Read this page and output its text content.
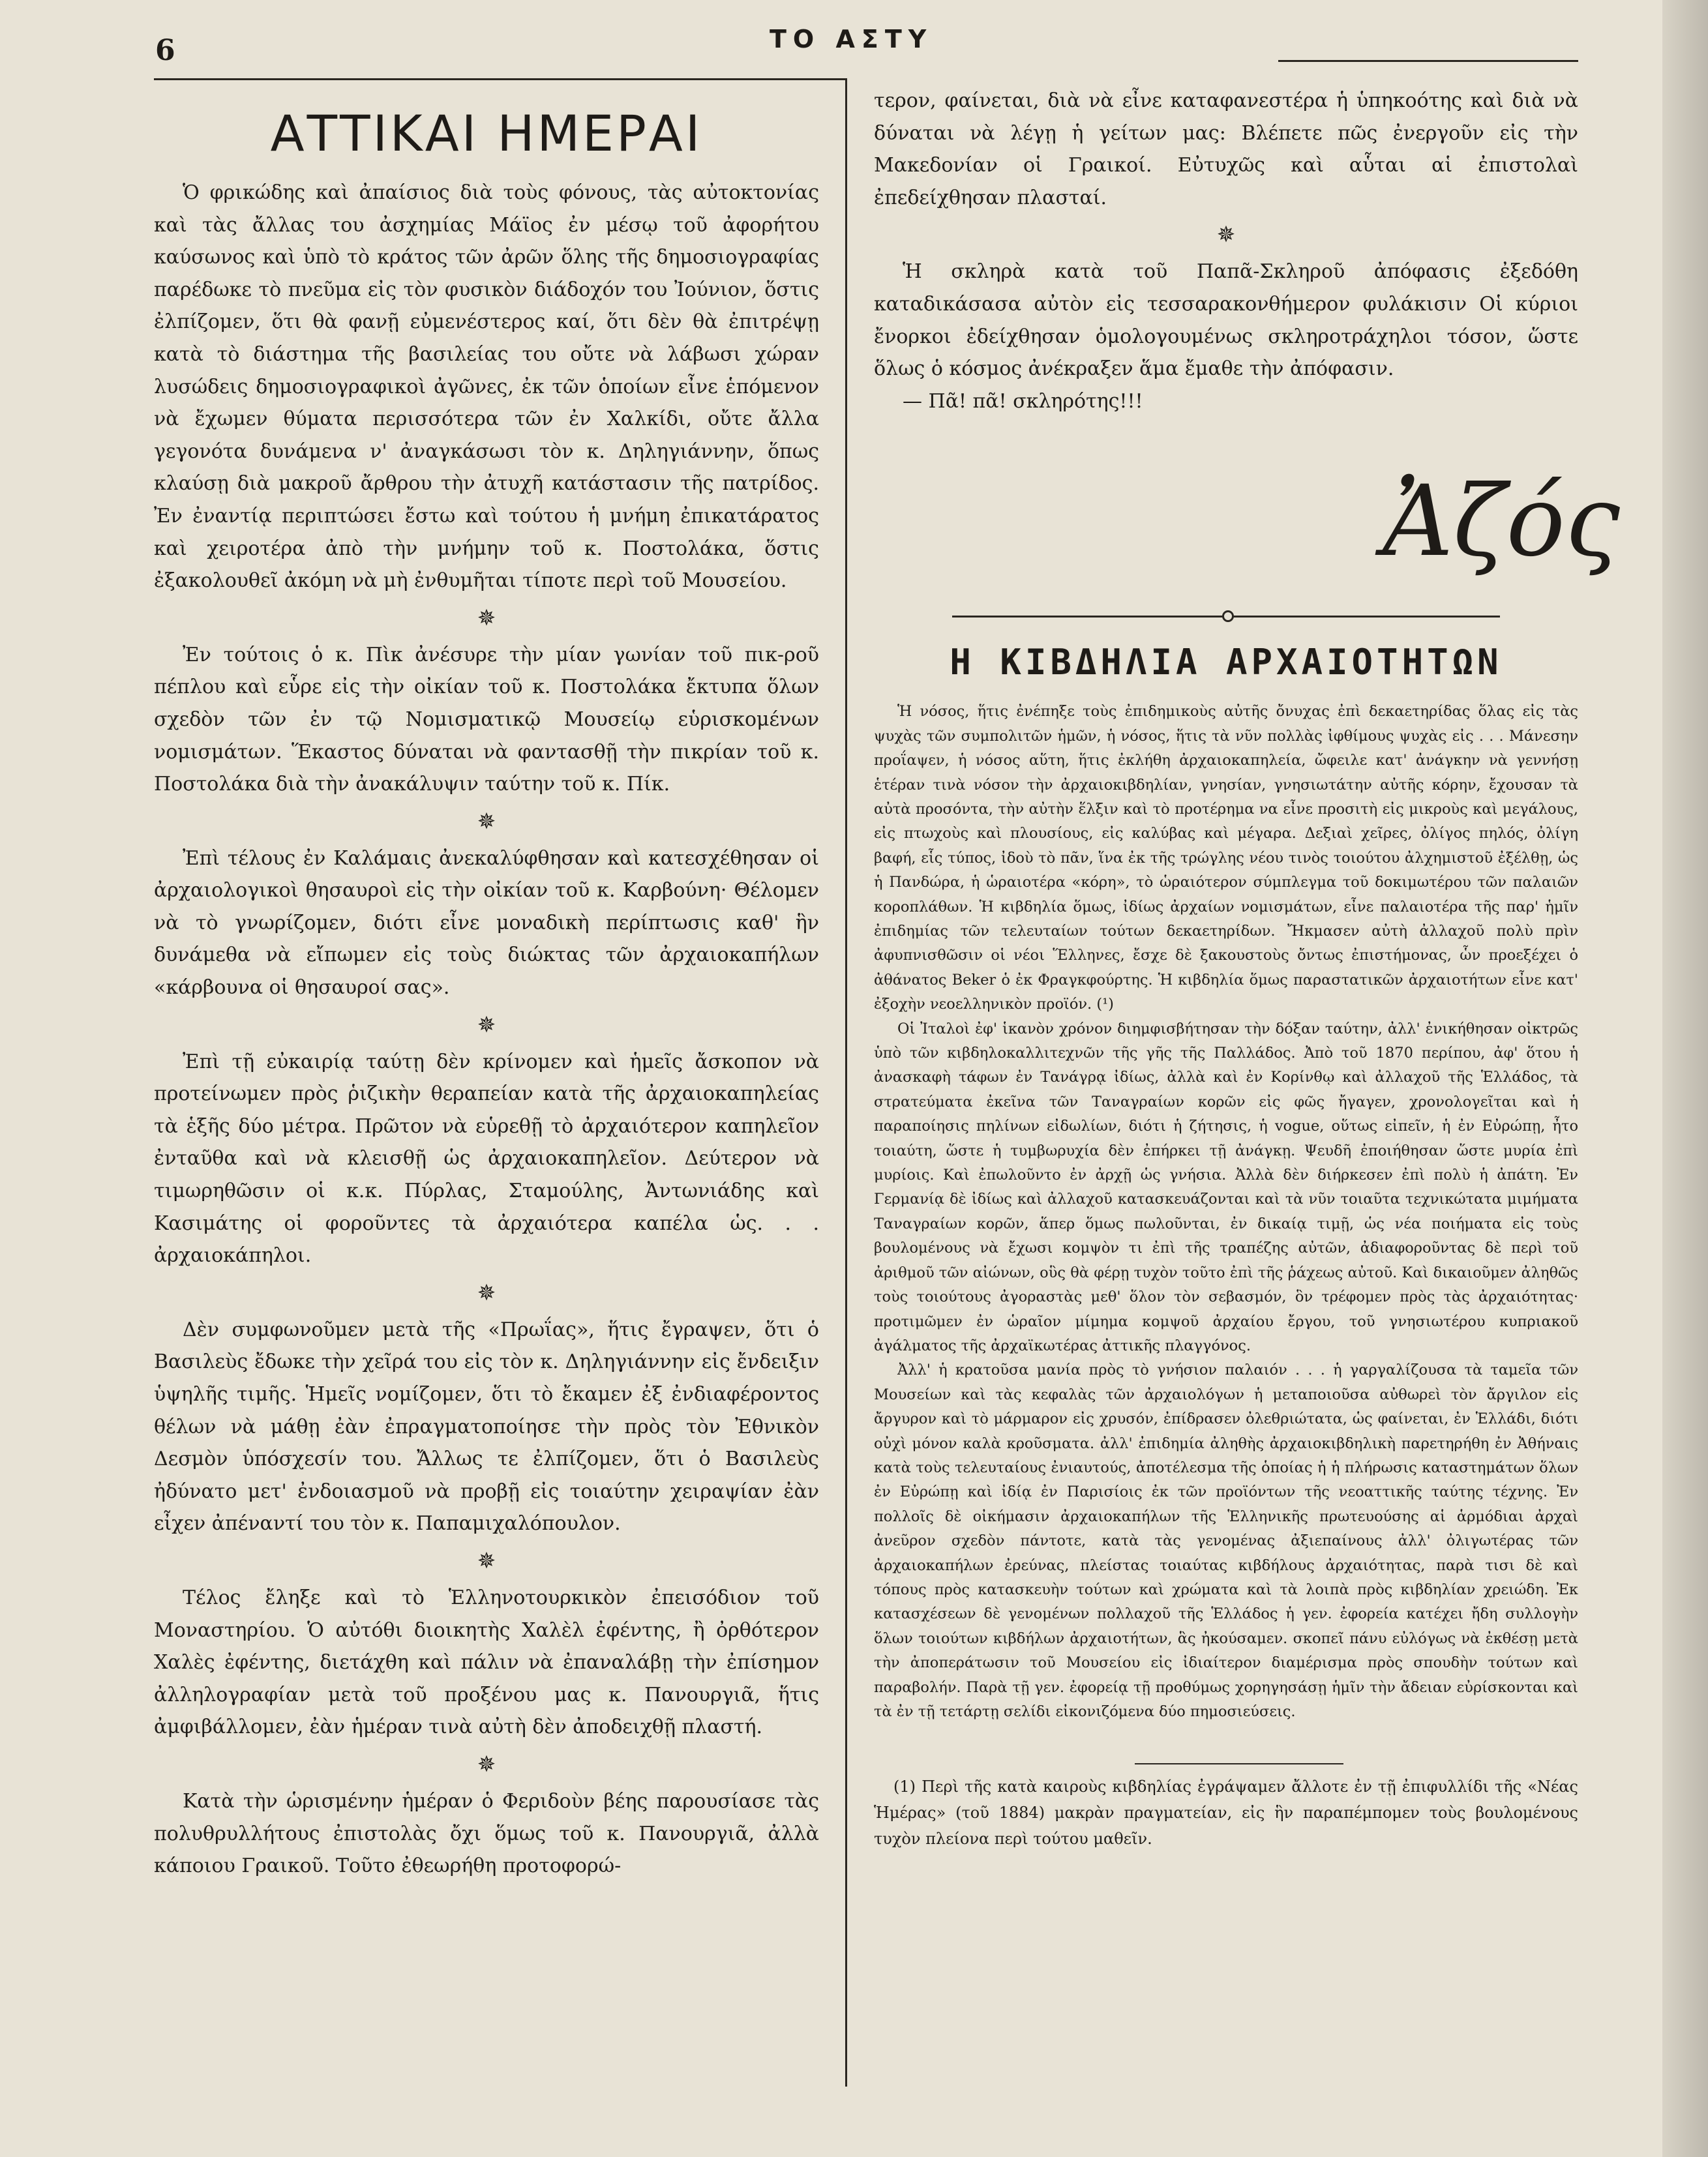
6	ΤΟ ΑΣΤΥ
ΑΤΤΙΚΑΙ ΗΜΕΡΑΙ

Ὁ φρικώδης καὶ ἀπαίσιος διὰ τοὺς φόνους, τὰς αὐτοκτονίας καὶ τὰς ἄλλας του ἀσχημίας Μάϊος ἐν μέσῳ τοῦ ἀφορήτου καύσωνος καὶ ὑπὸ τὸ κράτος τῶν ἀρῶν ὅλης τῆς δημοσιογραφίας παρέδωκε τὸ πνεῦμα εἰς τὸν φυσικὸν διάδοχόν του Ἰούνιον, ὅστις ἐλπίζομεν, ὅτι θὰ φανῇ εὐμενέστερος καί, ὅτι δὲν θὰ ἐπιτρέψῃ κατὰ τὸ διάστημα τῆς βασιλείας του οὔτε νὰ λάβωσι χώραν λυσώδεις δημοσιογραφικοὶ ἀγῶνες, ἐκ τῶν ὁποίων εἶνε ἑπόμενον νὰ ἔχωμεν θύματα περισσότερα τῶν ἐν Χαλκίδι, οὔτε ἄλλα γεγονότα δυνάμενα ν' ἀναγκάσωσι τὸν κ. Δηληγιάννην, ὅπως κλαύσῃ διὰ μακροῦ ἄρθρου τὴν ἀτυχῆ κατάστασιν τῆς πατρίδος. Ἐν ἐναντίᾳ περιπτώσει ἔστω καὶ τούτου ἡ μνήμη ἐπικατάρατος καὶ χειροτέρα ἀπὸ τὴν μνήμην τοῦ κ. Ποστολάκα, ὅστις ἐξακολουθεῖ ἀκόμη νὰ μὴ ἐνθυμῆται τίποτε περὶ τοῦ Μουσείου.

✵

Ἐν τούτοις ὁ κ. Πὶκ ἀνέσυρε τὴν μίαν γωνίαν τοῦ πικ-ροῦ πέπλου καὶ εὗρε εἰς τὴν οἰκίαν τοῦ κ. Ποστολάκα ἔκτυπα ὅλων σχεδὸν τῶν ἐν τῷ Νομισματικῷ Μουσείῳ εὑρισκομένων νομισμάτων. Ἕκαστος δύναται νὰ φαντασθῇ τὴν πικρίαν τοῦ κ. Ποστολάκα διὰ τὴν ἀνακάλυψιν ταύτην τοῦ κ. Πίκ.

✵

Ἐπὶ τέλους ἐν Καλάμαις ἀνεκαλύφθησαν καὶ κατεσχέθησαν οἱ ἀρχαιολογικοὶ θησαυροὶ εἰς τὴν οἰκίαν τοῦ κ. Καρβούνη· Θέλομεν νὰ τὸ γνωρίζομεν, διότι εἶνε μοναδικὴ περίπτωσις καθ' ἣν δυνάμεθα νὰ εἴπωμεν εἰς τοὺς διώκτας τῶν ἀρχαιοκαπήλων «κάρβουνα οἱ θησαυροί σας».

✵

Ἐπὶ τῇ εὐκαιρίᾳ ταύτῃ δὲν κρίνομεν καὶ ἡμεῖς ἄσκοπον νὰ προτείνωμεν πρὸς ῥιζικὴν θεραπείαν κατὰ τῆς ἀρχαιοκαπηλείας τὰ ἑξῆς δύο μέτρα. Πρῶτον νὰ εὑρεθῇ τὸ ἀρχαιότερον καπηλεῖον ἐνταῦθα καὶ νὰ κλεισθῇ ὡς ἀρχαιοκαπηλεῖον. Δεύτερον νὰ τιμωρηθῶσιν οἱ κ.κ. Πύρλας, Σταμούλης, Ἀντωνιάδης καὶ Κασιμάτης οἱ φοροῦντες τὰ ἀρχαιότερα καπέλα ὡς. . . ἀρχαιοκάπηλοι.

✵

Δὲν συμφωνοῦμεν μετὰ τῆς «Πρωΐας», ἥτις ἔγραψεν, ὅτι ὁ Βασιλεὺς ἔδωκε τὴν χεῖρά του εἰς τὸν κ. Δηληγιάννην εἰς ἔνδειξιν ὑψηλῆς τιμῆς. Ἡμεῖς νομίζομεν, ὅτι τὸ ἔκαμεν ἐξ ἐνδιαφέροντος θέλων νὰ μάθῃ ἐὰν ἐπραγματοποίησε τὴν πρὸς τὸν Ἐθνικὸν Δεσμὸν ὑπόσχεσίν του. Ἄλλως τε ἐλπίζομεν, ὅτι ὁ Βασιλεὺς ἠδύνατο μετ' ἐνδοιασμοῦ νὰ προβῇ εἰς τοιαύτην χειραψίαν ἐὰν εἶχεν ἀπέναντί του τὸν κ. Παπαμιχαλόπουλον.

✵

Τέλος ἔληξε καὶ τὸ Ἑλληνοτουρκικὸν ἐπεισόδιον τοῦ Μοναστηρίου. Ὁ αὐτόθι διοικητὴς Χαλὲλ ἐφέντης, ἢ ὀρθότερον Χαλὲς ἐφέντης, διετάχθη καὶ πάλιν νὰ ἐπαναλάβῃ τὴν ἐπίσημον ἀλληλογραφίαν μετὰ τοῦ προξένου μας κ. Πανουργιᾶ, ἥτις ἀμφιβάλλομεν, ἐὰν ἡμέραν τινὰ αὐτὴ δὲν ἀποδειχθῇ πλαστή.

✵

Κατὰ τὴν ὡρισμένην ἡμέραν ὁ Φεριδοὺν βέης παρουσίασε τὰς πολυθρυλλήτους ἐπιστολὰς ὄχι ὅμως τοῦ κ. Πανουργιᾶ, ἀλλὰ κάποιου Γραικοῦ. Τοῦτο ἐθεωρήθη προτοφορώ-

τερον, φαίνεται, διὰ νὰ εἶνε καταφανεστέρα ἡ ὑπηκοότης καὶ διὰ νὰ δύναται νὰ λέγῃ ἡ γείτων μας: Βλέπετε πῶς ἐνεργοῦν εἰς τὴν Μακεδονίαν οἱ Γραικοί. Εὐτυχῶς καὶ αὗται αἱ ἐπιστολαὶ ἐπεδείχθησαν πλασταί.

✵

Ἡ σκληρὰ κατὰ τοῦ Παπᾶ-Σκληροῦ ἀπόφασις ἐξεδόθη καταδικάσασα αὐτὸν εἰς τεσσαρακονθήμερον φυλάκισιν Οἱ κύριοι ἔνορκοι ἐδείχθησαν ὁμολογουμένως σκληροτράχηλοι τόσον, ὥστε ὅλως ὁ κόσμος ἀνέκραξεν ἅμα ἔμαθε τὴν ἀπόφασιν.

— Πᾶ! πᾶ! σκληρότης!!!

Ἀζός
Η ΚΙΒΔΗΛΙΑ ΑΡΧΑΙΟΤΗΤΩΝ

Ἡ νόσος, ἥτις ἐνέπηξε τοὺς ἐπιδημικοὺς αὐτῆς ὄνυχας ἐπὶ δεκαετηρίδας ὅλας εἰς τὰς ψυχὰς τῶν συμπολιτῶν ἡμῶν, ἡ νόσος, ἥτις τὰ νῦν πολλὰς ἰφθίμους ψυχὰς εἰς . . . Μάνεσην προΐαψεν, ἡ νόσος αὕτη, ἥτις ἐκλήθη ἀρχαιοκαπηλεία, ὤφειλε κατ' ἀνάγκην νὰ γεννήσῃ ἑτέραν τινὰ νόσον τὴν ἀρχαιοκιβδηλίαν, γνησίαν, γνησιωτάτην αὐτῆς κόρην, ἔχουσαν τὰ αὐτὰ προσόντα, τὴν αὐτὴν ἕλξιν καὶ τὸ προτέρημα να εἶνε προσιτὴ εἰς μικροὺς καὶ μεγάλους, εἰς πτωχοὺς καὶ πλουσίους, εἰς καλύβας καὶ μέγαρα. Δεξιαὶ χεῖρες, ὀλίγος πηλός, ὀλίγη βαφή, εἷς τύπος, ἰδοὺ τὸ πᾶν, ἵνα ἐκ τῆς τρώγλης νέου τινὸς τοιούτου ἀλχημιστοῦ ἐξέλθῃ, ὡς ἡ Πανδώρα, ἡ ὡραιοτέρα «κόρη», τὸ ὡραιότερον σύμπλεγμα τοῦ δοκιμωτέρου τῶν παλαιῶν κοροπλάθων. Ἡ κιβδηλία ὅμως, ἰδίως ἀρχαίων νομισμάτων, εἶνε παλαιοτέρα τῆς παρ' ἡμῖν ἐπιδημίας τῶν τελευταίων τούτων δεκαετηρίδων. Ἤκμασεν αὐτὴ ἀλλαχοῦ πολὺ πρὶν ἀφυπνισθῶσιν οἱ νέοι Ἕλληνες, ἔσχε δὲ ξακουστοὺς ὄντως ἐπιστήμονας, ὧν προεξέχει ὁ ἀθάνατος Beker ὁ ἐκ Φραγκφούρτης. Ἡ κιβδηλία ὅμως παραστατικῶν ἀρχαιοτήτων εἶνε κατ' ἐξοχὴν νεοελληνικὸν προϊόν. (¹)

Οἱ Ἰταλοὶ ἐφ' ἱκανὸν χρόνον διημφισβήτησαν τὴν δόξαν ταύτην, ἀλλ' ἐνικήθησαν οἰκτρῶς ὑπὸ τῶν κιβδηλοκαλλιτεχνῶν τῆς γῆς τῆς Παλλάδος. Ἀπὸ τοῦ 1870 περίπου, ἀφ' ὅτου ἡ ἀνασκαφὴ τάφων ἐν Τανάγρᾳ ἰδίως, ἀλλὰ καὶ ἐν Κορίνθῳ καὶ ἀλλαχοῦ τῆς Ἑλλάδος, τὰ στρατεύματα ἐκεῖνα τῶν Ταναγραίων κορῶν εἰς φῶς ἤγαγεν, χρονολογεῖται καὶ ἡ παραποίησις πηλίνων εἰδωλίων, διότι ἡ ζήτησις, ἡ vogue, οὕτως εἰπεῖν, ἡ ἐν Εὐρώπῃ, ἦτο τοιαύτη, ὥστε ἡ τυμβωρυχία δὲν ἐπήρκει τῇ ἀνάγκῃ. Ψευδῆ ἐποιήθησαν ὥστε μυρία ἐπὶ μυρίοις. Καὶ ἐπωλοῦντο ἐν ἀρχῇ ὡς γνήσια. Ἀλλὰ δὲν διήρκεσεν ἐπὶ πολὺ ἡ ἀπάτη. Ἐν Γερμανίᾳ δὲ ἰδίως καὶ ἀλλαχοῦ κατασκευάζονται καὶ τὰ νῦν τοιαῦτα τεχνικώτατα μιμήματα Ταναγραίων κορῶν, ἅπερ ὅμως πωλοῦνται, ἐν δικαίᾳ τιμῇ, ὡς νέα ποιήματα εἰς τοὺς βουλομένους νὰ ἔχωσι κομψὸν τι ἐπὶ τῆς τραπέζης αὐτῶν, ἀδιαφοροῦντας δὲ περὶ τοῦ ἀριθμοῦ τῶν αἰώνων, οὓς θὰ φέρῃ τυχὸν τοῦτο ἐπὶ τῆς ῥάχεως αὐτοῦ. Καὶ δικαιοῦμεν ἀληθῶς τοὺς τοιούτους ἀγοραστὰς μεθ' ὅλον τὸν σεβασμόν, ὃν τρέφομεν πρὸς τὰς ἀρχαιότητας· προτιμῶμεν ἐν ὡραῖον μίμημα κομψοῦ ἀρχαίου ἔργου, τοῦ γνησιωτέρου κυπριακοῦ ἀγάλματος τῆς ἀρχαϊκωτέρας ἀττικῆς πλαγγόνος.

Ἀλλ' ἡ κρατοῦσα μανία πρὸς τὸ γνήσιον παλαιόν . . . ἡ γαργαλίζουσα τὰ ταμεῖα τῶν Μουσείων καὶ τὰς κεφαλὰς τῶν ἀρχαιολόγων ἡ μεταποιοῦσα αὐθωρεὶ τὸν ἄργιλον εἰς ἄργυρον καὶ τὸ μάρμαρον εἰς χρυσόν, ἐπίδρασεν ὀλεθριώτατα, ὡς φαίνεται, ἐν Ἑλλάδι, διότι οὐχὶ μόνον καλὰ κροῦσματα. ἀλλ' ἐπιδημία ἀληθὴς ἀρχαιοκιβδηλικὴ παρετηρήθη ἐν Ἀθήναις κατὰ τοὺς τελευταίους ἐνιαυτούς, ἀποτέλεσμα τῆς ὁποίας ἡ ἡ πλήρωσις καταστημάτων ὅλων ἐν Εὐρώπῃ καὶ ἰδίᾳ ἐν Παρισίοις ἐκ τῶν προϊόντων τῆς νεοαττικῆς ταύτης τέχνης. Ἐν πολλοῖς δὲ οἰκήμασιν ἀρχαιοκαπήλων τῆς Ἑλληνικῆς πρωτευούσης αἱ ἁρμόδιαι ἀρχαὶ ἀνεῦρον σχεδὸν πάντοτε, κατὰ τὰς γενομένας ἀξιεπαίνους ἀλλ' ὀλιγωτέρας τῶν ἀρχαιοκαπήλων ἐρεύνας, πλείστας τοιαύτας κιβδήλους ἀρχαιότητας, παρὰ τισι δὲ καὶ τόπους πρὸς κατασκευὴν τούτων καὶ χρώματα καὶ τὰ λοιπὰ πρὸς κιβδηλίαν χρειώδη. Ἐκ κατασχέσεων δὲ γενομένων πολλαχοῦ τῆς Ἑλλάδος ἡ γεν. ἐφορεία κατέχει ἤδη συλλογὴν ὅλων τοιούτων κιβδήλων ἀρχαιοτήτων, ἃς ἠκούσαμεν. σκοπεῖ πάνυ εὐλόγως νὰ ἐκθέσῃ μετὰ τὴν ἀποπεράτωσιν τοῦ Μουσείου εἰς ἰδιαίτερον διαμέρισμα πρὸς σπουδὴν τούτων καὶ παραβολήν. Παρὰ τῇ γεν. ἐφορείᾳ τῇ προθύμως χορηγησάσῃ ἡμῖν τὴν ἄδειαν εὐρίσκονται καὶ τὰ ἐν τῇ τετάρτῃ σελίδι εἰκονιζόμενα δύο πημοσιεύσεις.

(1) Περὶ τῆς κατὰ καιροὺς κιβδηλίας ἐγράψαμεν ἄλλοτε ἐν τῇ ἐπιφυλλίδι τῆς «Νέας Ἡμέρας» (τοῦ 1884) μακρὰν πραγματείαν, εἰς ἣν παραπέμπομεν τοὺς βουλομένους τυχὸν πλείονα περὶ τούτου μαθεῖν.
